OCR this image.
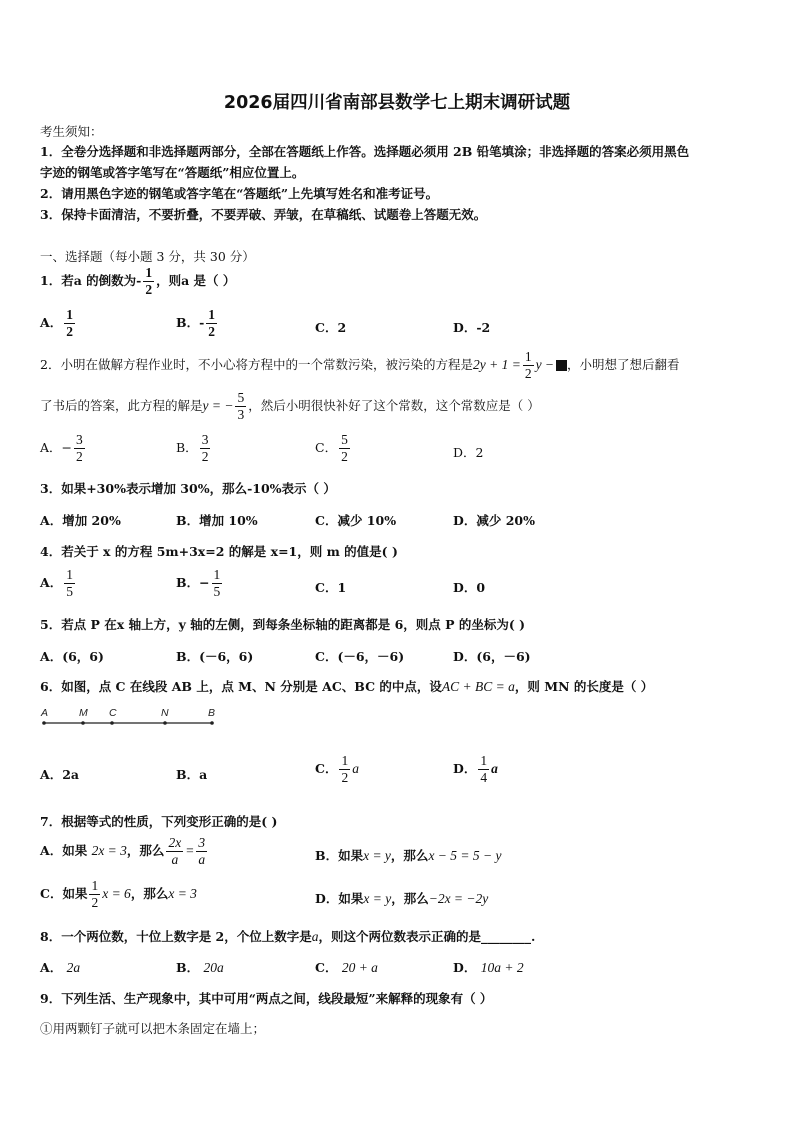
2026届四川省南部县数学七上期末调研试题
考生须知：
1．全卷分选择题和非选择题两部分，全部在答题纸上作答。选择题必须用 2B 铅笔填涂；非选择题的答案必须用黑色
字迹的钢笔或答字笔写在“答题纸”相应位置上。
2．请用黑色字迹的钢笔或答字笔在“答题纸”上先填写姓名和准考证号。
3．保持卡面清洁，不要折叠，不要弄破、弄皱，在草稿纸、试题卷上答题无效。
一、选择题（每小题 3 分，共 30 分）
1．若a 的倒数为- $\frac{1}{2}$ ，则a 是（ ）
A． $\frac{1}{2}$	B．- $\frac{1}{2}$	C．2	D．-2
2．小明在做解方程作业时，不小心将方程中的一个常数污染，被污染的方程是$2y + 1 = \frac{1}{2}$ y − ，小明想了想后翻看
了书后的答案，此方程的解是y = − $\frac{5}{3}$ ，然后小明很快补好了这个常数，这个常数应是（ ）
A．− $\frac{3}{2}$	B． $\frac{3}{2}$	C． $\frac{5}{2}$	D．2
3．如果+30%表示增加 30%，那么-10%表示（ ）
A．增加 20%	B．增加 10%	C．减少 10%	D．减少 20%
4．若关于 x 的方程 5m+3x=2 的解是 x=1，则 m 的值是( )
A． $\frac{1}{5}$	B．− $\frac{1}{5}$	C．1	D．0
5．若点 P 在x 轴上方，y 轴的左侧，到每条坐标轴的距离都是 6，则点 P 的坐标为( )
A．(6，6)	B．(－6，6)	C．(－6，－6)	D．(6，－6)
6．如图，点 C 在线段 AB 上，点 M、N 分别是 AC、BC 的中点，设AC + BC = a，则 MN 的长度是（ ）
A	M C	N	B
A．2a	B．a	C． $\frac{1}{2}$ a	D． $\frac{1}{4}$ a
7．根据等式的性质，下列变形正确的是( )
A．如果 2x = 3，那么 $\frac{2x}{a} = \frac{3}{a}$	B．如果x = y，那么x − 5 = 5 − y
C．如果 $\frac{1}{2}$ x = 6，那么x = 3	D．如果x = y，那么−2x = −2y
8．一个两位数，十位上数字是 2，个位上数字是a，则这个两位数表示正确的是________.
A． 2a	B． 20a	C． 20 + a	D． 10a + 2
9．下列生活、生产现象中，其中可用“两点之间，线段最短”来解释的现象有（ ）
①用两颗钉子就可以把木条固定在墙上；
